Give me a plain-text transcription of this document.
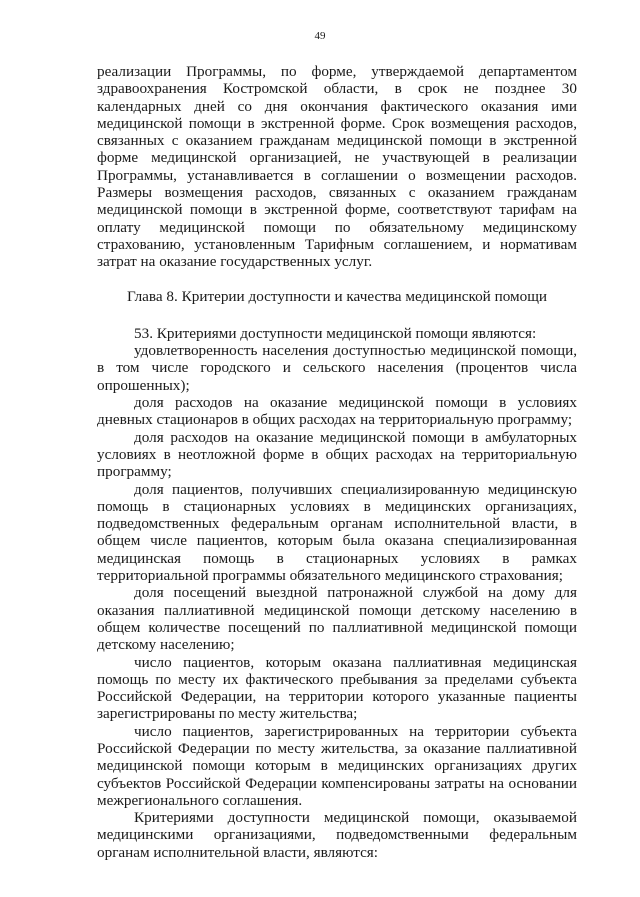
49

реализации Программы, по форме, утверждаемой департаментом здравоохранения Костромской области, в срок не позднее 30 календарных дней со дня окончания фактического оказания ими медицинской помощи в экстренной форме. Срок возмещения расходов, связанных с оказанием гражданам медицинской помощи в экстренной форме медицинской организацией, не участвующей в реализации Программы, устанавливается в соглашении о возмещении расходов. Размеры возмещения расходов, связанных с оказанием гражданам медицинской помощи в экстренной форме, соответствуют тарифам на оплату медицинской помощи по обязательному медицинскому страхованию, установленным Тарифным соглашением, и нормативам затрат на оказание государственных услуг.

Глава 8. Критерии доступности и качества медицинской помощи

53. Критериями доступности медицинской помощи являются:

удовлетворенность населения доступностью медицинской помощи, в том числе городского и сельского населения (процентов числа опрошенных);

доля расходов на оказание медицинской помощи в условиях дневных стационаров в общих расходах на территориальную программу;

доля расходов на оказание медицинской помощи в амбулаторных условиях в неотложной форме в общих расходах на территориальную программу;

доля пациентов, получивших специализированную медицинскую помощь в стационарных условиях в медицинских организациях, подведомственных федеральным органам исполнительной власти, в общем числе пациентов, которым была оказана специализированная медицинская помощь в стационарных условиях в рамках территориальной программы обязательного медицинского страхования;

доля посещений выездной патронажной службой на дому для оказания паллиативной медицинской помощи детскому населению в общем количестве посещений по паллиативной медицинской помощи детскому населению;

число пациентов, которым оказана паллиативная медицинская помощь по месту их фактического пребывания за пределами субъекта Российской Федерации, на территории которого указанные пациенты зарегистрированы по месту жительства;

число пациентов, зарегистрированных на территории субъекта Российской Федерации по месту жительства, за оказание паллиативной медицинской помощи которым в медицинских организациях других субъектов Российской Федерации компенсированы затраты на основании межрегионального соглашения.

Критериями доступности медицинской помощи, оказываемой медицинскими организациями, подведомственными федеральным органам исполнительной власти, являются:
